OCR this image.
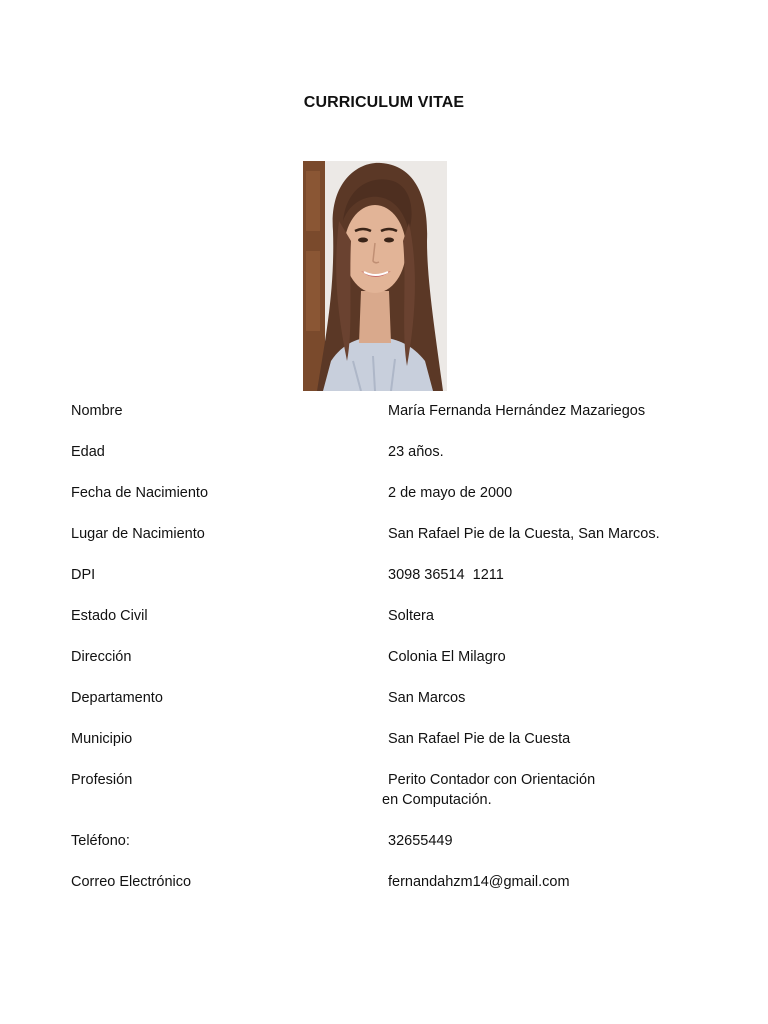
CURRICULUM VITAE
Nombre	María Fernanda Hernández Mazariegos
Edad	23 años.
Fecha de Nacimiento	2 de mayo de 2000
Lugar de Nacimiento	San Rafael Pie de la Cuesta, San Marcos.
DPI	3098 36514  1211
Estado Civil	Soltera
Dirección	Colonia El Milagro
Departamento	San Marcos
Municipio	San Rafael Pie de la Cuesta
Profesión	Perito Contador con Orientación
en Computación.
Teléfono:	32655449
Correo Electrónico	fernandahzm14@gmail.com
